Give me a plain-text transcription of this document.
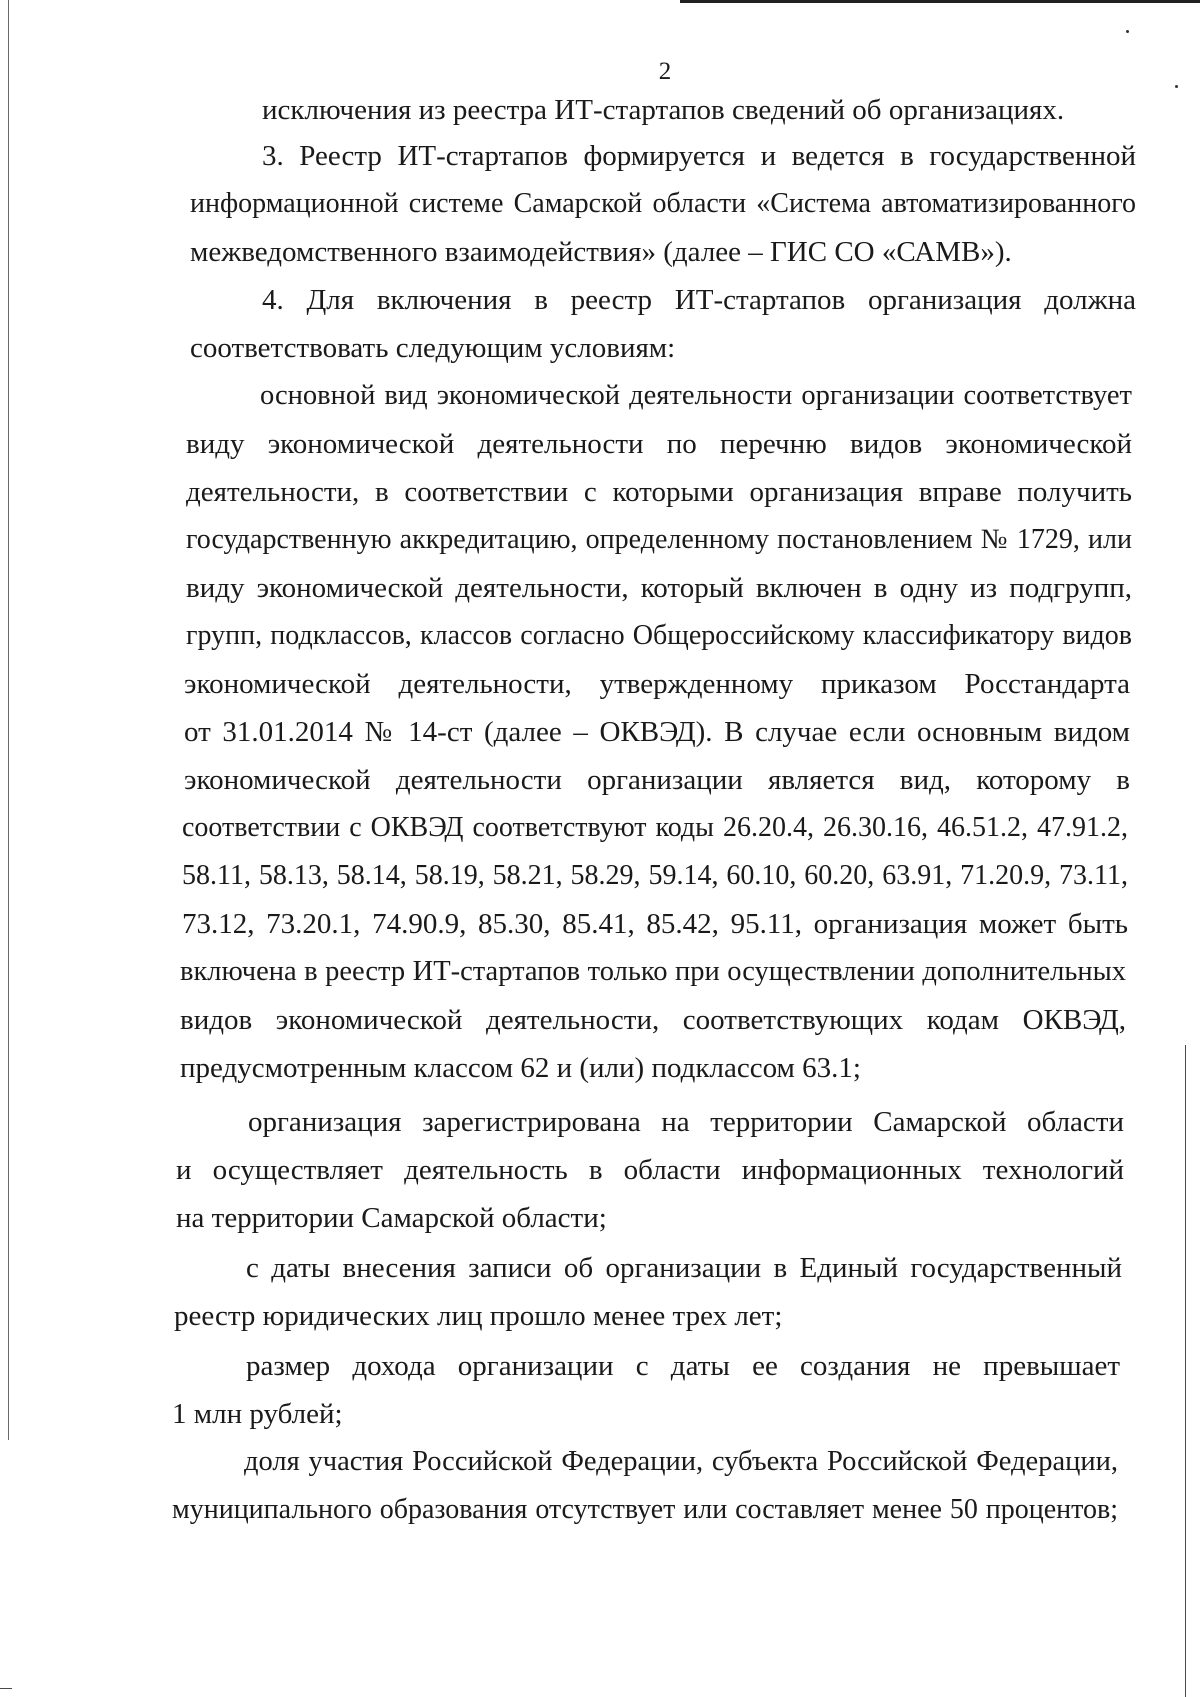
2
исключения из реестра ИТ-стартапов сведений об организациях.
3. Реестр ИТ-стартапов формируется и ведется в государственной
информационной системе Самарской области «Система автоматизированного
межведомственного взаимодействия» (далее – ГИС СО «САМВ»).
4. Для включения в реестр ИТ-стартапов организация должна
соответствовать следующим условиям:
основной вид экономической деятельности организации соответствует
виду экономической деятельности по перечню видов экономической
деятельности, в соответствии с которыми организация вправе получить
государственную аккредитацию, определенному постановлением № 1729, или
виду экономической деятельности, который включен в одну из подгрупп,
групп, подклассов, классов согласно Общероссийскому классификатору видов
экономической деятельности, утвержденному приказом Росстандарта
от 31.01.2014 № 14-ст (далее – ОКВЭД). В случае если основным видом
экономической деятельности организации является вид, которому в
соответствии с ОКВЭД соответствуют коды 26.20.4, 26.30.16, 46.51.2, 47.91.2,
58.11, 58.13, 58.14, 58.19, 58.21, 58.29, 59.14, 60.10, 60.20, 63.91, 71.20.9, 73.11,
73.12, 73.20.1, 74.90.9, 85.30, 85.41, 85.42, 95.11, организация может быть
включена в реестр ИТ-стартапов только при осуществлении дополнительных
видов экономической деятельности, соответствующих кодам ОКВЭД,
предусмотренным классом 62 и (или) подклассом 63.1;
организация зарегистрирована на территории Самарской области
и осуществляет деятельность в области информационных технологий
на территории Самарской области;
с даты внесения записи об организации в Единый государственный
реестр юридических лиц прошло менее трех лет;
размер дохода организации с даты ее создания не превышает
1 млн рублей;
доля участия Российской Федерации, субъекта Российской Федерации,
муниципального образования отсутствует или составляет менее 50 процентов;
